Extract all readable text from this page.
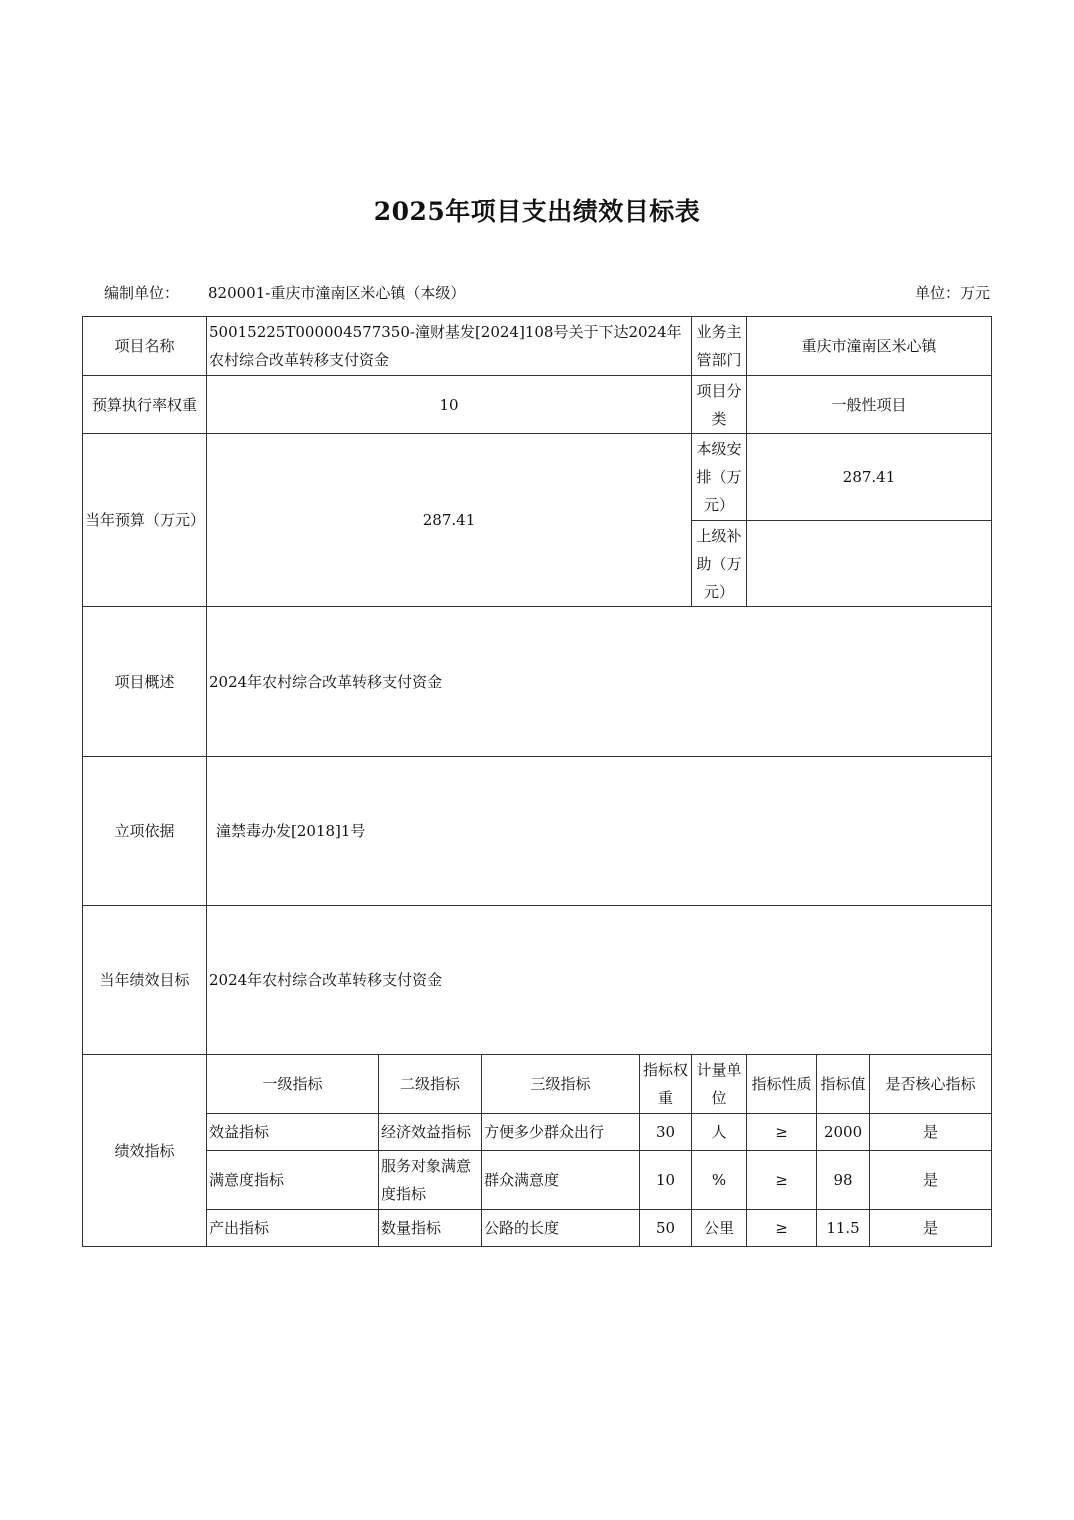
2025年项目支出绩效目标表
编制单位： 820001-重庆市潼南区米心镇（本级）	单位：万元
项目名称	50015225T000004577350-潼财基发[2024]108号关于下达2024年农村综合改革转移支付资金				业务主管部门	重庆市潼南区米心镇		
预算执行率权重	10				项目分类	一般性项目		
当年预算（万元）	287.41				本级安排（万元）	287.41		
					上级补助（万元）			
项目概述	2024年农村综合改革转移支付资金							
立项依据	潼禁毒办发[2018]1号							
当年绩效目标	2024年农村综合改革转移支付资金							
绩效指标	一级指标	二级指标	三级指标	指标权重	计量单位	指标性质	指标值	是否核心指标
	效益指标	经济效益指标	方便多少群众出行	30	人	≥	2000	是
	满意度指标	服务对象满意度指标	群众满意度	10	%	≥	98	是
	产出指标	数量指标	公路的长度	50	公里	≥	11.5	是
